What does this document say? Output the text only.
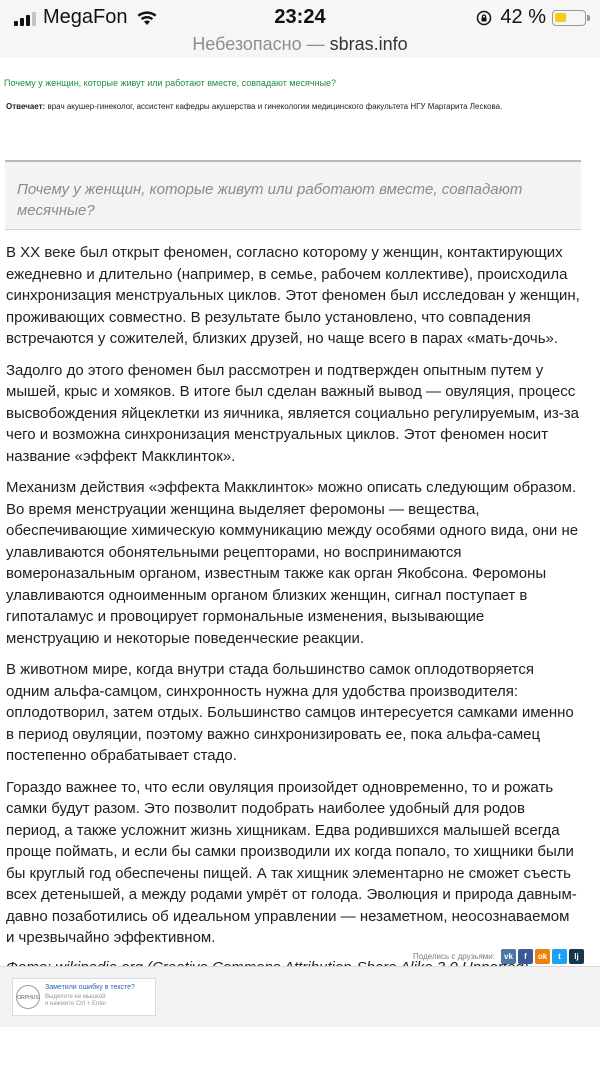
MegaFon	23:24	42 %
Небезопасно — sbras.info
Почему у женщин, которые живут или работают вместе, совпадают месячные?
Отвечает: врач акушер-гинеколог, ассистент кафедры акушерства и гинекологии медицинского факультета НГУ Маргарита Лескова.
Почему у женщин, которые живут или работают вместе, совпадают месячные?

В XX веке был открыт феномен, согласно которому у женщин, контактирующих ежедневно и длительно (например, в семье, рабочем коллективе), происходила синхронизация менструальных циклов. Этот феномен был исследован у женщин, проживающих совместно. В результате было установлено, что совпадения встречаются у сожителей, близких друзей, но чаще всего в парах «мать-дочь».

Задолго до этого феномен был рассмотрен и подтвержден опытным путем у мышей, крыс и хомяков. В итоге был сделан важный вывод — овуляция, процесс высвобождения яйцеклетки из яичника, является социально регулируемым, из-за чего и возможна синхронизация менструальных циклов. Этот феномен носит название «эффект Макклинток».

Механизм действия «эффекта Макклинток» можно описать следующим образом. Во время менструации женщина выделяет феромоны — вещества, обеспечивающие химическую коммуникацию между особями одного вида, они не улавливаются обонятельными рецепторами, но воспринимаются вомероназальным органом, известным также как орган Якобсона. Феромоны улавливаются одноименным органом близких женщин, сигнал поступает в гипоталамус и провоцирует гормональные изменения, вызывающие менструацию и некоторые поведенческие реакции.

В животном мире, когда внутри стада большинство самок оплодотворяется одним альфа-самцом, синхронность нужна для удобства производителя: оплодотворил, затем отдых. Большинство самцов интересуется самками именно в период овуляции, поэтому важно синхронизировать ее, пока альфа-самец постепенно обрабатывает стадо.

Гораздо важнее то, что если овуляция произойдет одновременно, то и рожать самки будут разом. Это позволит подобрать наиболее удобный для родов период, а также усложнит жизнь хищникам. Едва родившихся малышей всегда проще поймать, и если бы самки производили их когда попало, то хищники были бы круглый год обеспечены пищей. А так хищник элементарно не сможет съесть всех детенышей, а между родами умрёт от голода. Эволюция и природа давным-давно позаботились об идеальном управлении — незаметном, неосознаваемом и чрезвычайно эффективном.

Поделись с друзьями:	vk	f	ok	t	lj
ORPHUS
Заметили ошибку в тексте?
Выделите ее мышкой
и нажмите Ctrl + Enter
